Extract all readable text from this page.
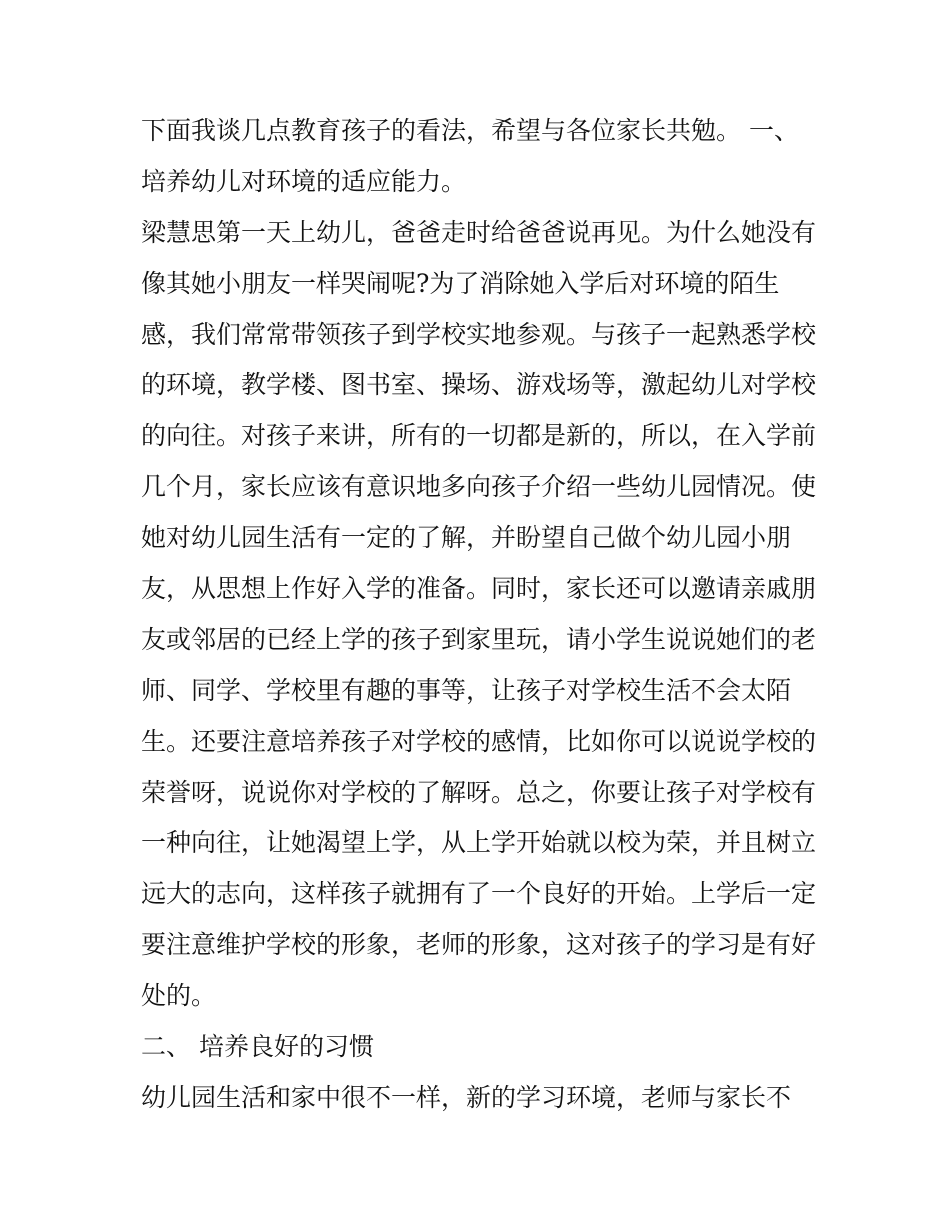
下面我谈几点教育孩子的看法，希望与各位家长共勉。 一、
培养幼儿对环境的适应能力。
梁慧思第一天上幼儿，爸爸走时给爸爸说再见。为什么她没有
像其她小朋友一样哭闹呢?为了消除她入学后对环境的陌生
感，我们常常带领孩子到学校实地参观。与孩子一起熟悉学校
的环境，教学楼、图书室、操场、游戏场等，激起幼儿对学校
的向往。对孩子来讲，所有的一切都是新的，所以，在入学前
几个月，家长应该有意识地多向孩子介绍一些幼儿园情况。使
她对幼儿园生活有一定的了解，并盼望自己做个幼儿园小朋
友，从思想上作好入学的准备。同时，家长还可以邀请亲戚朋
友或邻居的已经上学的孩子到家里玩，请小学生说说她们的老
师、同学、学校里有趣的事等，让孩子对学校生活不会太陌
生。还要注意培养孩子对学校的感情，比如你可以说说学校的
荣誉呀，说说你对学校的了解呀。总之，你要让孩子对学校有
一种向往，让她渴望上学，从上学开始就以校为荣，并且树立
远大的志向，这样孩子就拥有了一个良好的开始。上学后一定
要注意维护学校的形象，老师的形象，这对孩子的学习是有好
处的。
二、 培养良好的习惯
幼儿园生活和家中很不一样，新的学习环境，老师与家长不
